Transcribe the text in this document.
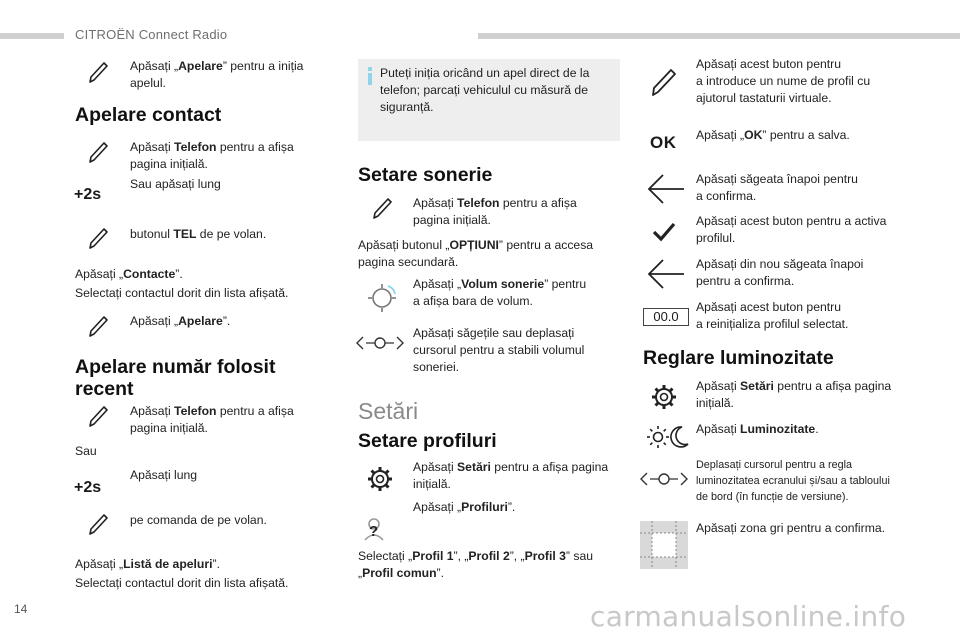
CITROËN Connect Radio
Apăsați „Apelare” pentru a iniția
apelul.
Apelare contact
Apăsați Telefon pentru a afișa
pagina inițială.
+2s
Sau apăsați lung
butonul TEL de pe volan.
Apăsați „Contacte”.
Selectați contactul dorit din lista afișată.
Apăsați „Apelare”.
Apelare număr folosit
recent
Apăsați Telefon pentru a afișa
pagina inițială.
Sau
+2s
Apăsați lung
pe comanda de pe volan.
Apăsați „Listă de apeluri”.
Selectați contactul dorit din lista afișată.
Puteți iniția oricând un apel direct de la
telefon; parcați vehiculul cu măsură de
siguranță.
Setare sonerie
Apăsați Telefon pentru a afișa
pagina inițială.
Apăsați butonul „OPȚIUNI” pentru a accesa
pagina secundară.
Apăsați „Volum sonerie” pentru
a afișa bara de volum.
Apăsați săgețile sau deplasați
cursorul pentru a stabili volumul
soneriei.
Setări
Setare profiluri
Apăsați Setări pentru a afișa pagina
inițială.
?
Apăsați „Profiluri”.
Selectați „Profil 1”, „Profil 2”, „Profil 3” sau
„Profil comun”.
Apăsați acest buton pentru
a introduce un nume de profil cu
ajutorul tastaturii virtuale.
OK Apăsați „OK” pentru a salva.
Apăsați săgeata înapoi pentru
a confirma.
Apăsați acest buton pentru a activa
profilul.
Apăsați din nou săgeata înapoi
pentru a confirma.
00.0
Apăsați acest buton pentru
a reinițializa profilul selectat.
Reglare luminozitate
Apăsați Setări pentru a afișa pagina
inițială.
Apăsați Luminozitate.
Deplasați cursorul pentru a regla
luminozitatea ecranului și/sau a tabloului
de bord (în funcție de versiune).
Apăsați zona gri pentru a confirma.
14	carmanualsonline.info
